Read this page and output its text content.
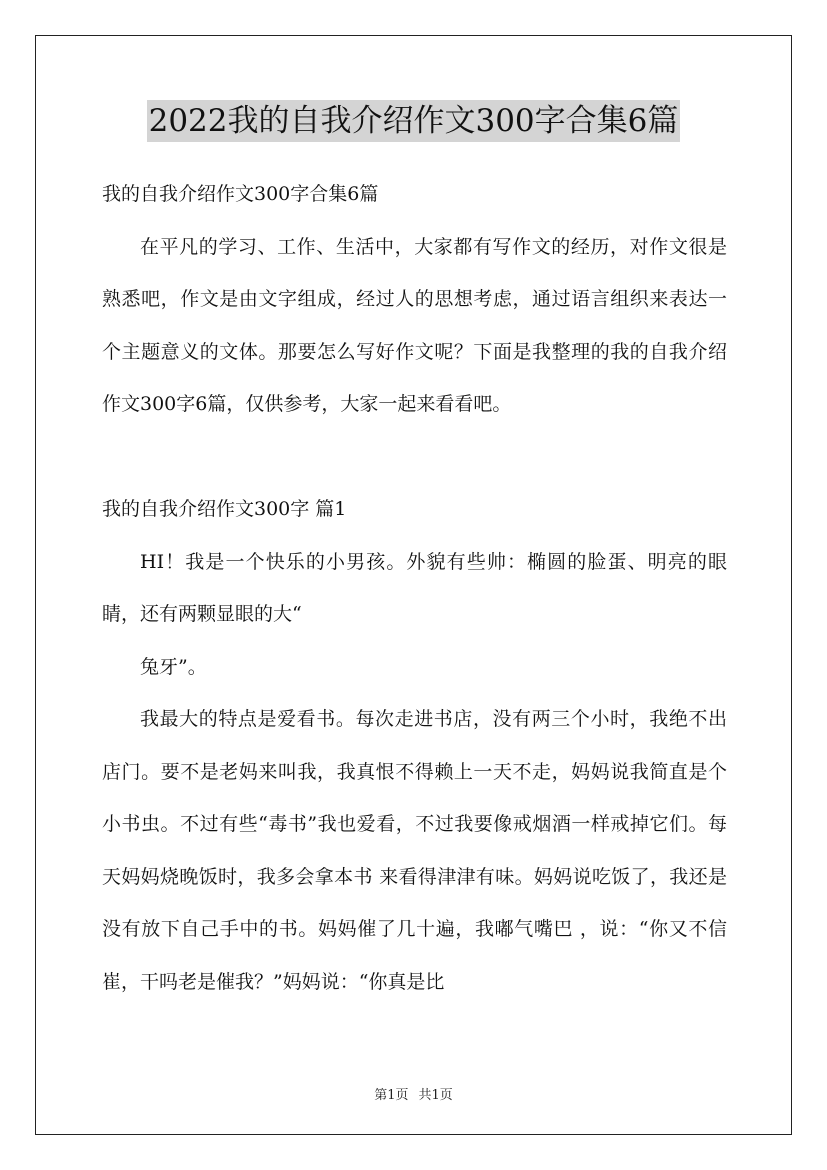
2022我的自我介绍作文300字合集6篇

我的自我介绍作文300字合集6篇

在平凡的学习、工作、生活中，大家都有写作文的经历，对作文很是熟悉吧，作文是由文字组成，经过人的思想考虑，通过语言组织来表达一个主题意义的文体。那要怎么写好作文呢？下面是我整理的我的自我介绍作文300字6篇，仅供参考，大家一起来看看吧。

我的自我介绍作文300字 篇1

HI！我是一个快乐的小男孩。外貌有些帅：椭圆的脸蛋、明亮的眼睛，还有两颗显眼的大“

兔牙”。

我最大的特点是爱看书。每次走进书店，没有两三个小时，我绝不出店门。要不是老妈来叫我，我真恨不得赖上一天不走，妈妈说我简直是个小书虫。不过有些“毒书”我也爱看，不过我要像戒烟酒一样戒掉它们。每天妈妈烧晚饭时，我多会拿本书 来看得津津有味。妈妈说吃饭了，我还是没有放下自己手中的书。妈妈催了几十遍，我嘟气嘴巴 ，说：“你又不信崔，干吗老是催我？”妈妈说：“你真是比

第1页 共1页
